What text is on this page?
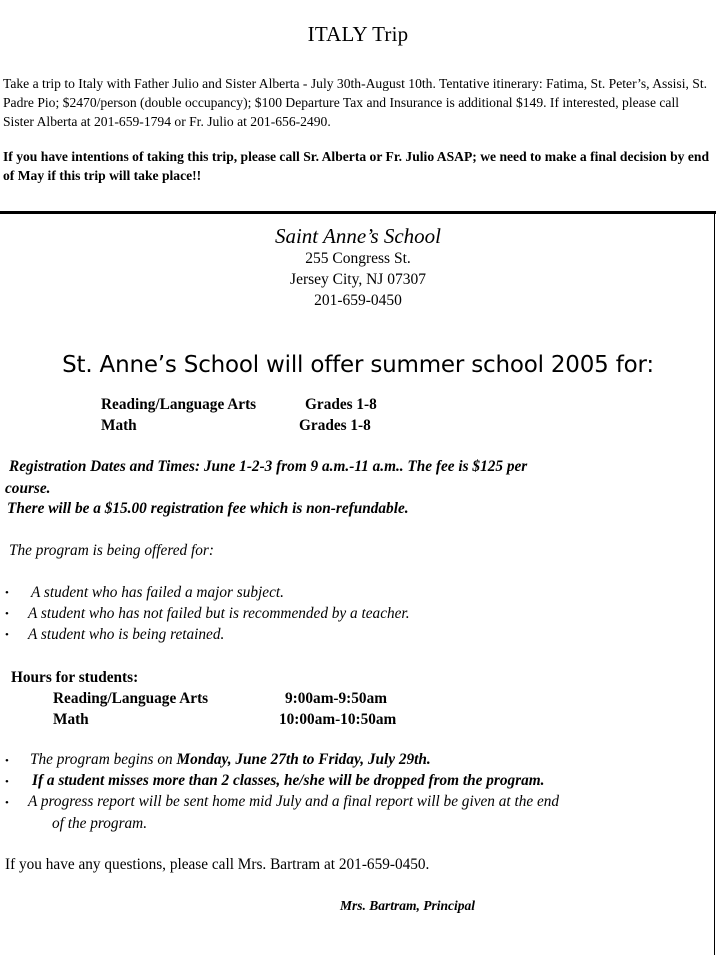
ITALY Trip
Take a trip to Italy with Father Julio and Sister Alberta - July 30th-August 10th. Tentative itinerary: Fatima, St. Peter’s, Assisi, St. Padre Pio; $2470/person (double occupancy); $100 Departure Tax and Insurance is additional $149. If interested, please call Sister Alberta at 201-659-1794 or Fr. Julio at 201-656-2490.
If you have intentions of taking this trip, please call Sr. Alberta or Fr. Julio ASAP; we need to make a final decision by end of May if this trip will take place!!
Saint Anne’s School
255 Congress St.
Jersey City, NJ 07307
201-659-0450
St. Anne’s School will offer summer school 2005 for:
Reading/Language Arts	Grades 1-8
Math	Grades 1-8
Registration Dates and Times: June 1-2-3 from 9 a.m.-11 a.m.. The fee is $125 per
course.
There will be a $15.00 registration fee which is non-refundable.
The program is being offered for:
• A student who has failed a major subject.
• A student who has not failed but is recommended by a teacher.
• A student who is being retained.
Hours for students:
Reading/Language Arts	9:00am-9:50am
Math	10:00am-10:50am
• The program begins on Monday, June 27th to Friday, July 29th.
• If a student misses more than 2 classes, he/she will be dropped from the program.
• A progress report will be sent home mid July and a final report will be given at the end
of the program.
If you have any questions, please call Mrs. Bartram at 201-659-0450.
Mrs. Bartram, Principal
